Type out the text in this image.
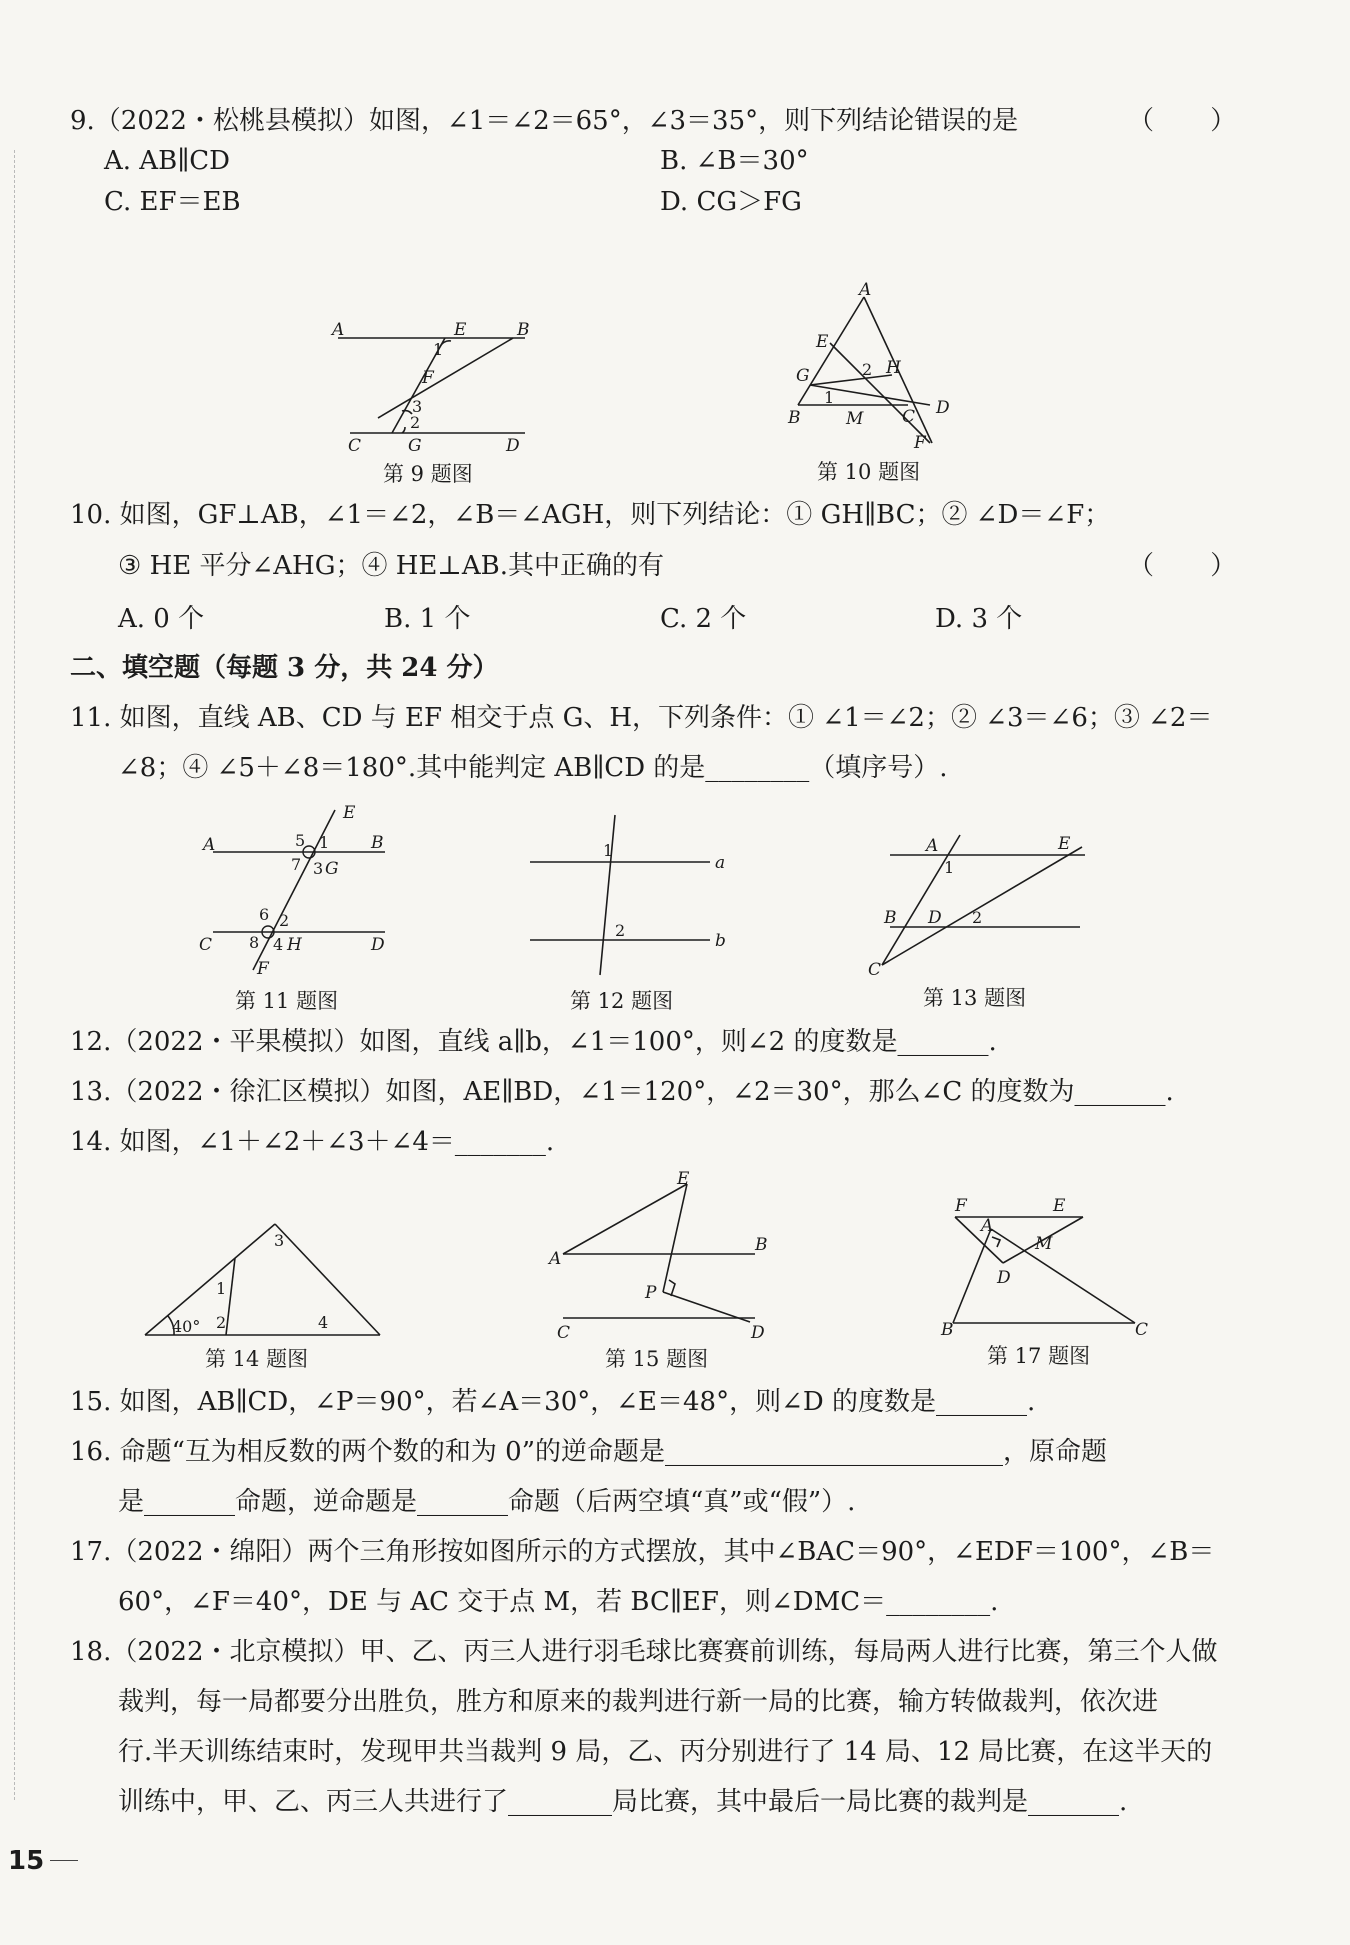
9.（2022・松桃县模拟）如图，∠1＝∠2＝65°，∠3＝35°，则下列结论错误的是	（ ）
A. AB∥CD	B. ∠B＝30°
C. EF＝EB	D. CG＞FG
A	E	B
1
F
3
2
C	G	D
第 9 题图
A
E
G	2 H
1
M C D
B
F
第 10 题图
10. 如图，GF⊥AB，∠1＝∠2，∠B＝∠AGH，则下列结论：① GH∥BC；② ∠D＝∠F；
③ HE 平分∠AHG；④ HE⊥AB.其中正确的有	（ ）
A. 0 个	B. 1 个	C. 2 个	D. 3 个
二、填空题（每题 3 分，共 24 分）
11. 如图，直线 AB、CD 与 EF 相交于点 G、H，下列条件：① ∠1＝∠2；② ∠3＝∠6；③ ∠2＝
∠8；④ ∠5＋∠8＝180°.其中能判定 AB∥CD 的是________（填序号）.
E
A	5 1 B
7 3 G
6 2
C 8 4 H	D
F
第 11 题图
1
a
2
b
第 12 题图
A	E
1
B D 2
C
第 13 题图
12.（2022・平果模拟）如图，直线 a∥b，∠1＝100°，则∠2 的度数是_______.
13.（2022・徐汇区模拟）如图，AE∥BD，∠1＝120°，∠2＝30°，那么∠C 的度数为_______.
14. 如图，∠1＋∠2＋∠3＋∠4＝_______.
3
1
40° 2	4
第 14 题图
E
A
B
P
C	D
第 15 题图
F	E
A
M
D
B	C
第 17 题图
15. 如图，AB∥CD，∠P＝90°，若∠A＝30°，∠E＝48°，则∠D 的度数是_______.
16. 命题“互为相反数的两个数的和为 0”的逆命题是__________________________，原命题
是_______命题，逆命题是_______命题（后两空填“真”或“假”）.
17.（2022・绵阳）两个三角形按如图所示的方式摆放，其中∠BAC＝90°，∠EDF＝100°，∠B＝
60°，∠F＝40°，DE 与 AC 交于点 M，若 BC∥EF，则∠DMC＝________.
18.（2022・北京模拟）甲、乙、丙三人进行羽毛球比赛赛前训练，每局两人进行比赛，第三个人做
裁判，每一局都要分出胜负，胜方和原来的裁判进行新一局的比赛，输方转做裁判，依次进
行.半天训练结束时，发现甲共当裁判 9 局，乙、丙分别进行了 14 局、12 局比赛，在这半天的
训练中，甲、乙、丙三人共进行了________局比赛，其中最后一局比赛的裁判是_______.
15
